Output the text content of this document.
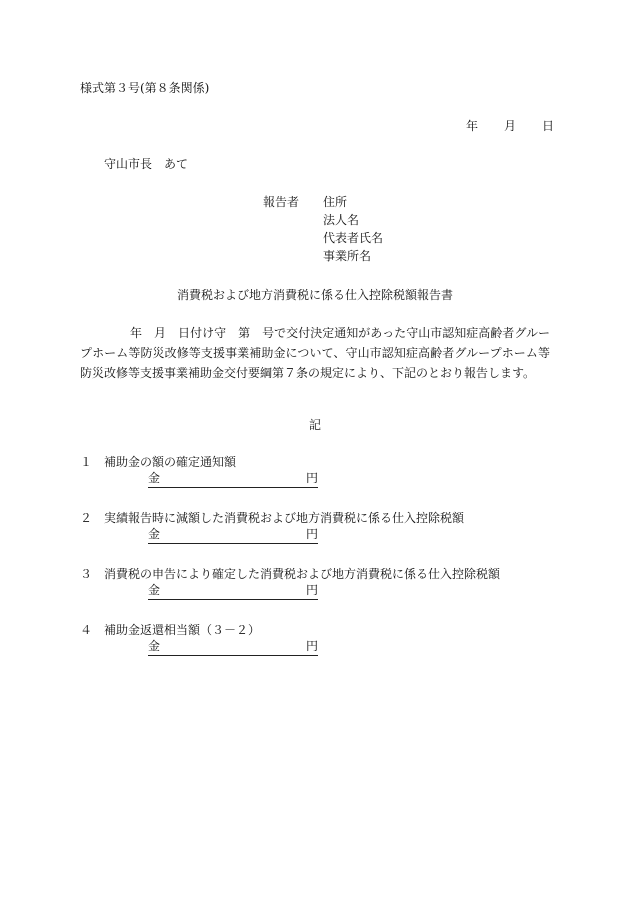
様式第３号(第８条関係)
年 月 日
守山市長　あて
報告者 住所
法人名
代表者氏名
事業所名
消費税および地方消費税に係る仕入控除税額報告書
年　月　日付け守　第　号で交付決定通知があった守山市認知症高齢者グループホーム等防災改修等支援事業補助金について、守山市認知症高齢者グループホーム等防災改修等支援事業補助金交付要綱第７条の規定により、下記のとおり報告します。
記
１ 補助金の額の確定通知額
金	円
２ 実績報告時に減額した消費税および地方消費税に係る仕入控除税額
金	円
３ 消費税の申告により確定した消費税および地方消費税に係る仕入控除税額
金	円
４ 補助金返還相当額（３－２）
金	円
